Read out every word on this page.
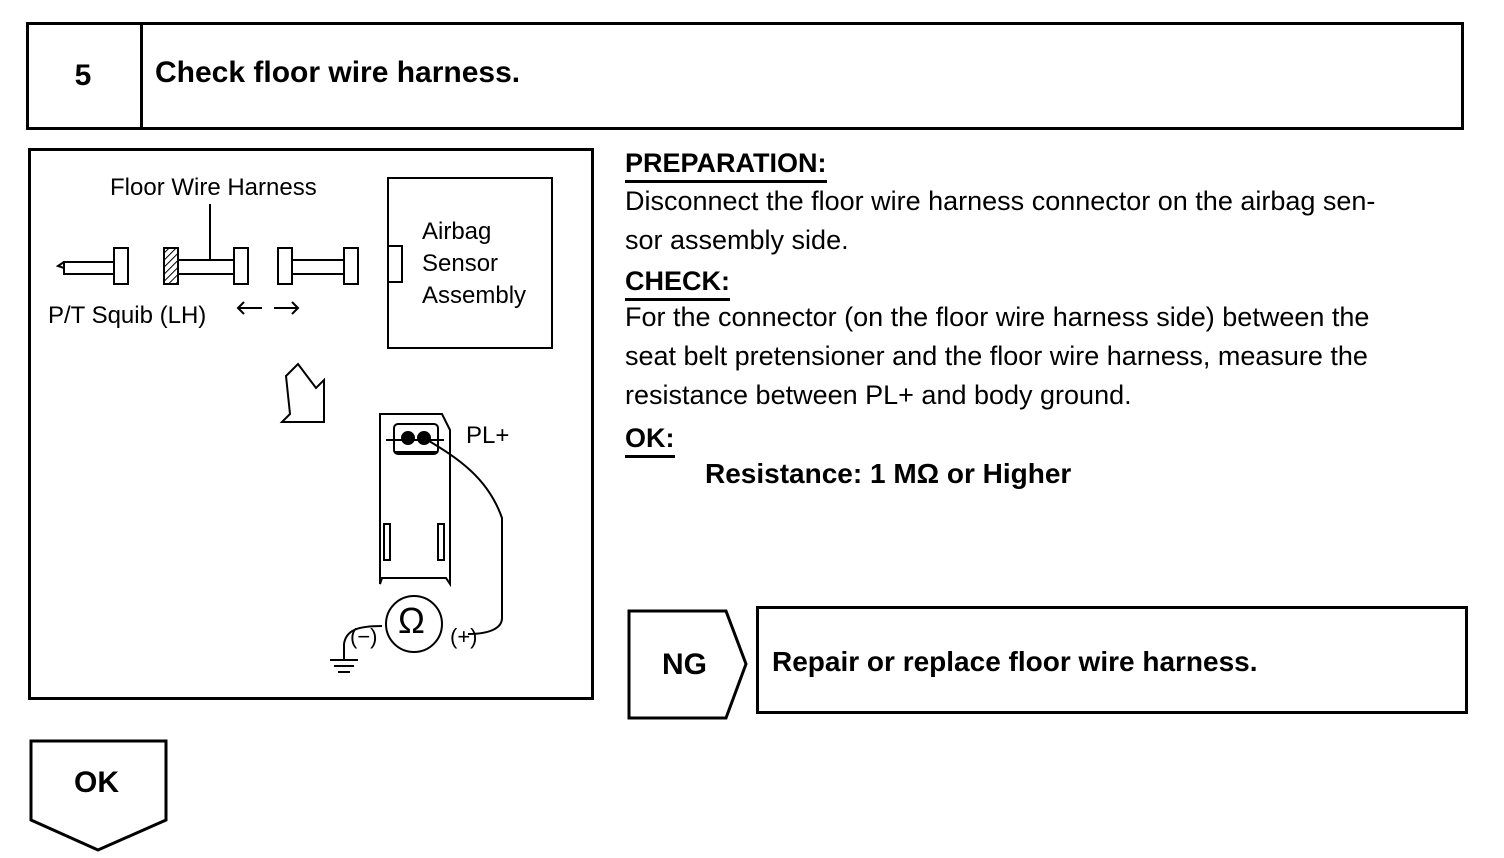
5	Check floor wire harness.
Floor Wire Harness
Airbag
Sensor
Assembly
P/T Squib (LH)
PL+
Ω
(−)	(+)
PREPARATION:
Disconnect the floor wire harness connector on the airbag sen-
sor assembly side.
CHECK:
For the connector (on the floor wire harness side) between the
seat belt pretensioner and the floor wire harness, measure the
resistance between PL+ and body ground.
OK:
Resistance: 1 MΩ or Higher
NG Repair or replace floor wire harness.
OK
